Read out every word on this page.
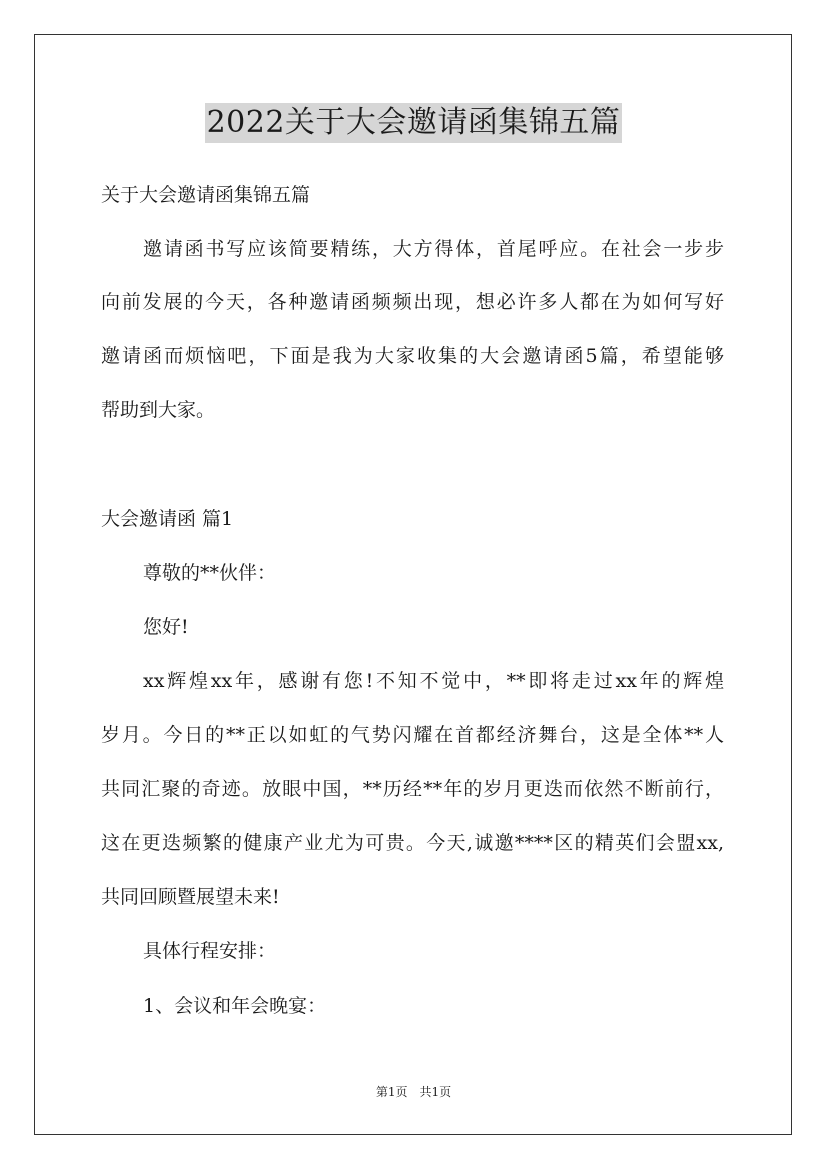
2022关于大会邀请函集锦五篇

关于大会邀请函集锦五篇

邀请函书写应该简要精练，大方得体，首尾呼应。在社会一步步

向前发展的今天，各种邀请函频频出现，想必许多人都在为如何写好

邀请函而烦恼吧，下面是我为大家收集的大会邀请函5篇，希望能够

帮助到大家。

大会邀请函 篇1

尊敬的**伙伴：

您好!

xx辉煌xx年，感谢有您!不知不觉中，**即将走过xx年的辉煌

岁月。今日的**正以如虹的气势闪耀在首都经济舞台，这是全体**人

共同汇聚的奇迹。放眼中国，**历经**年的岁月更迭而依然不断前行，

这在更迭频繁的健康产业尤为可贵。今天,诚邀****区的精英们会盟xx,

共同回顾暨展望未来!

具体行程安排：

1、会议和年会晚宴：

第1页　共1页
